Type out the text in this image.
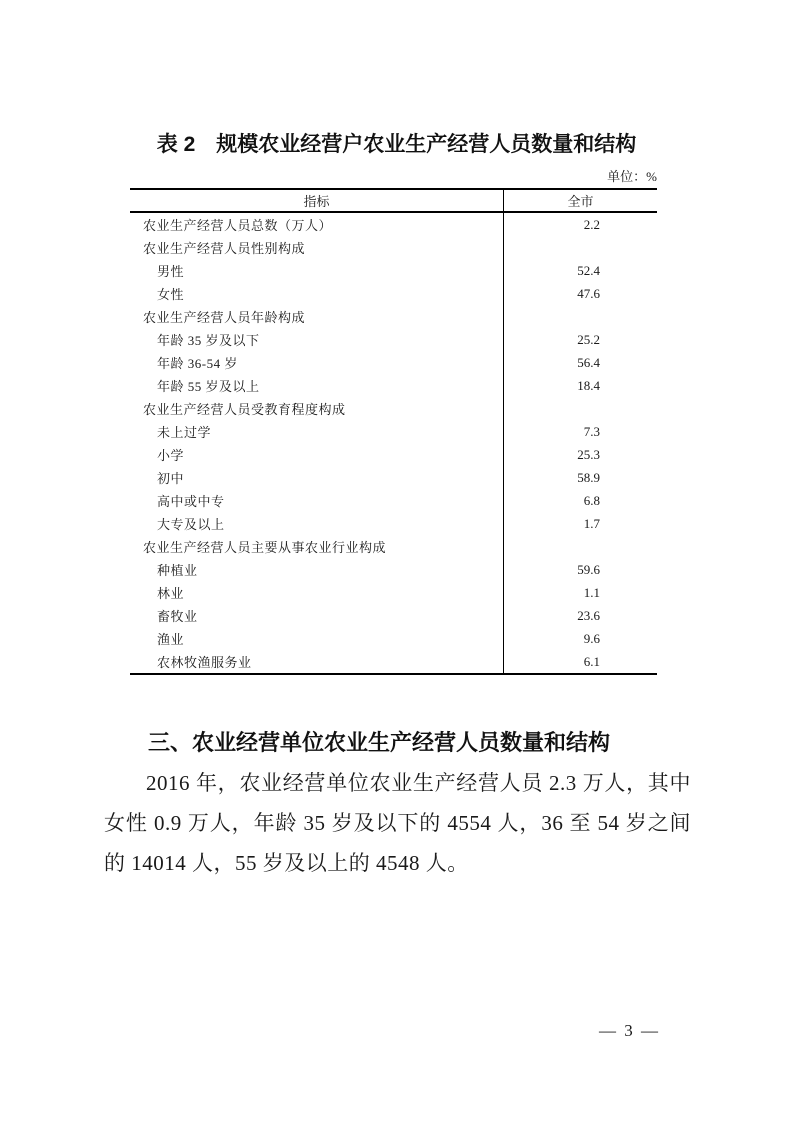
表 2　规模农业经营户农业生产经营人员数量和结构
单位：%
指标	全市
农业生产经营人员总数（万人）	2.2
农业生产经营人员性别构成
男性	52.4
女性	47.6
农业生产经营人员年龄构成
年龄 35 岁及以下	25.2
年龄 36-54 岁	56.4
年龄 55 岁及以上	18.4
农业生产经营人员受教育程度构成
未上过学	7.3
小学	25.3
初中	58.9
高中或中专	6.8
大专及以上	1.7
农业生产经营人员主要从事农业行业构成
种植业	59.6
林业	1.1
畜牧业	23.6
渔业	9.6
农林牧渔服务业	6.1
三、农业经营单位农业生产经营人员数量和结构

2016 年，农业经营单位农业生产经营人员 2.3 万人，其中女性 0.9 万人，年龄 35 岁及以下的 4554 人，36 至 54 岁之间的 14014 人，55 岁及以上的 4548 人。

— 3 —
